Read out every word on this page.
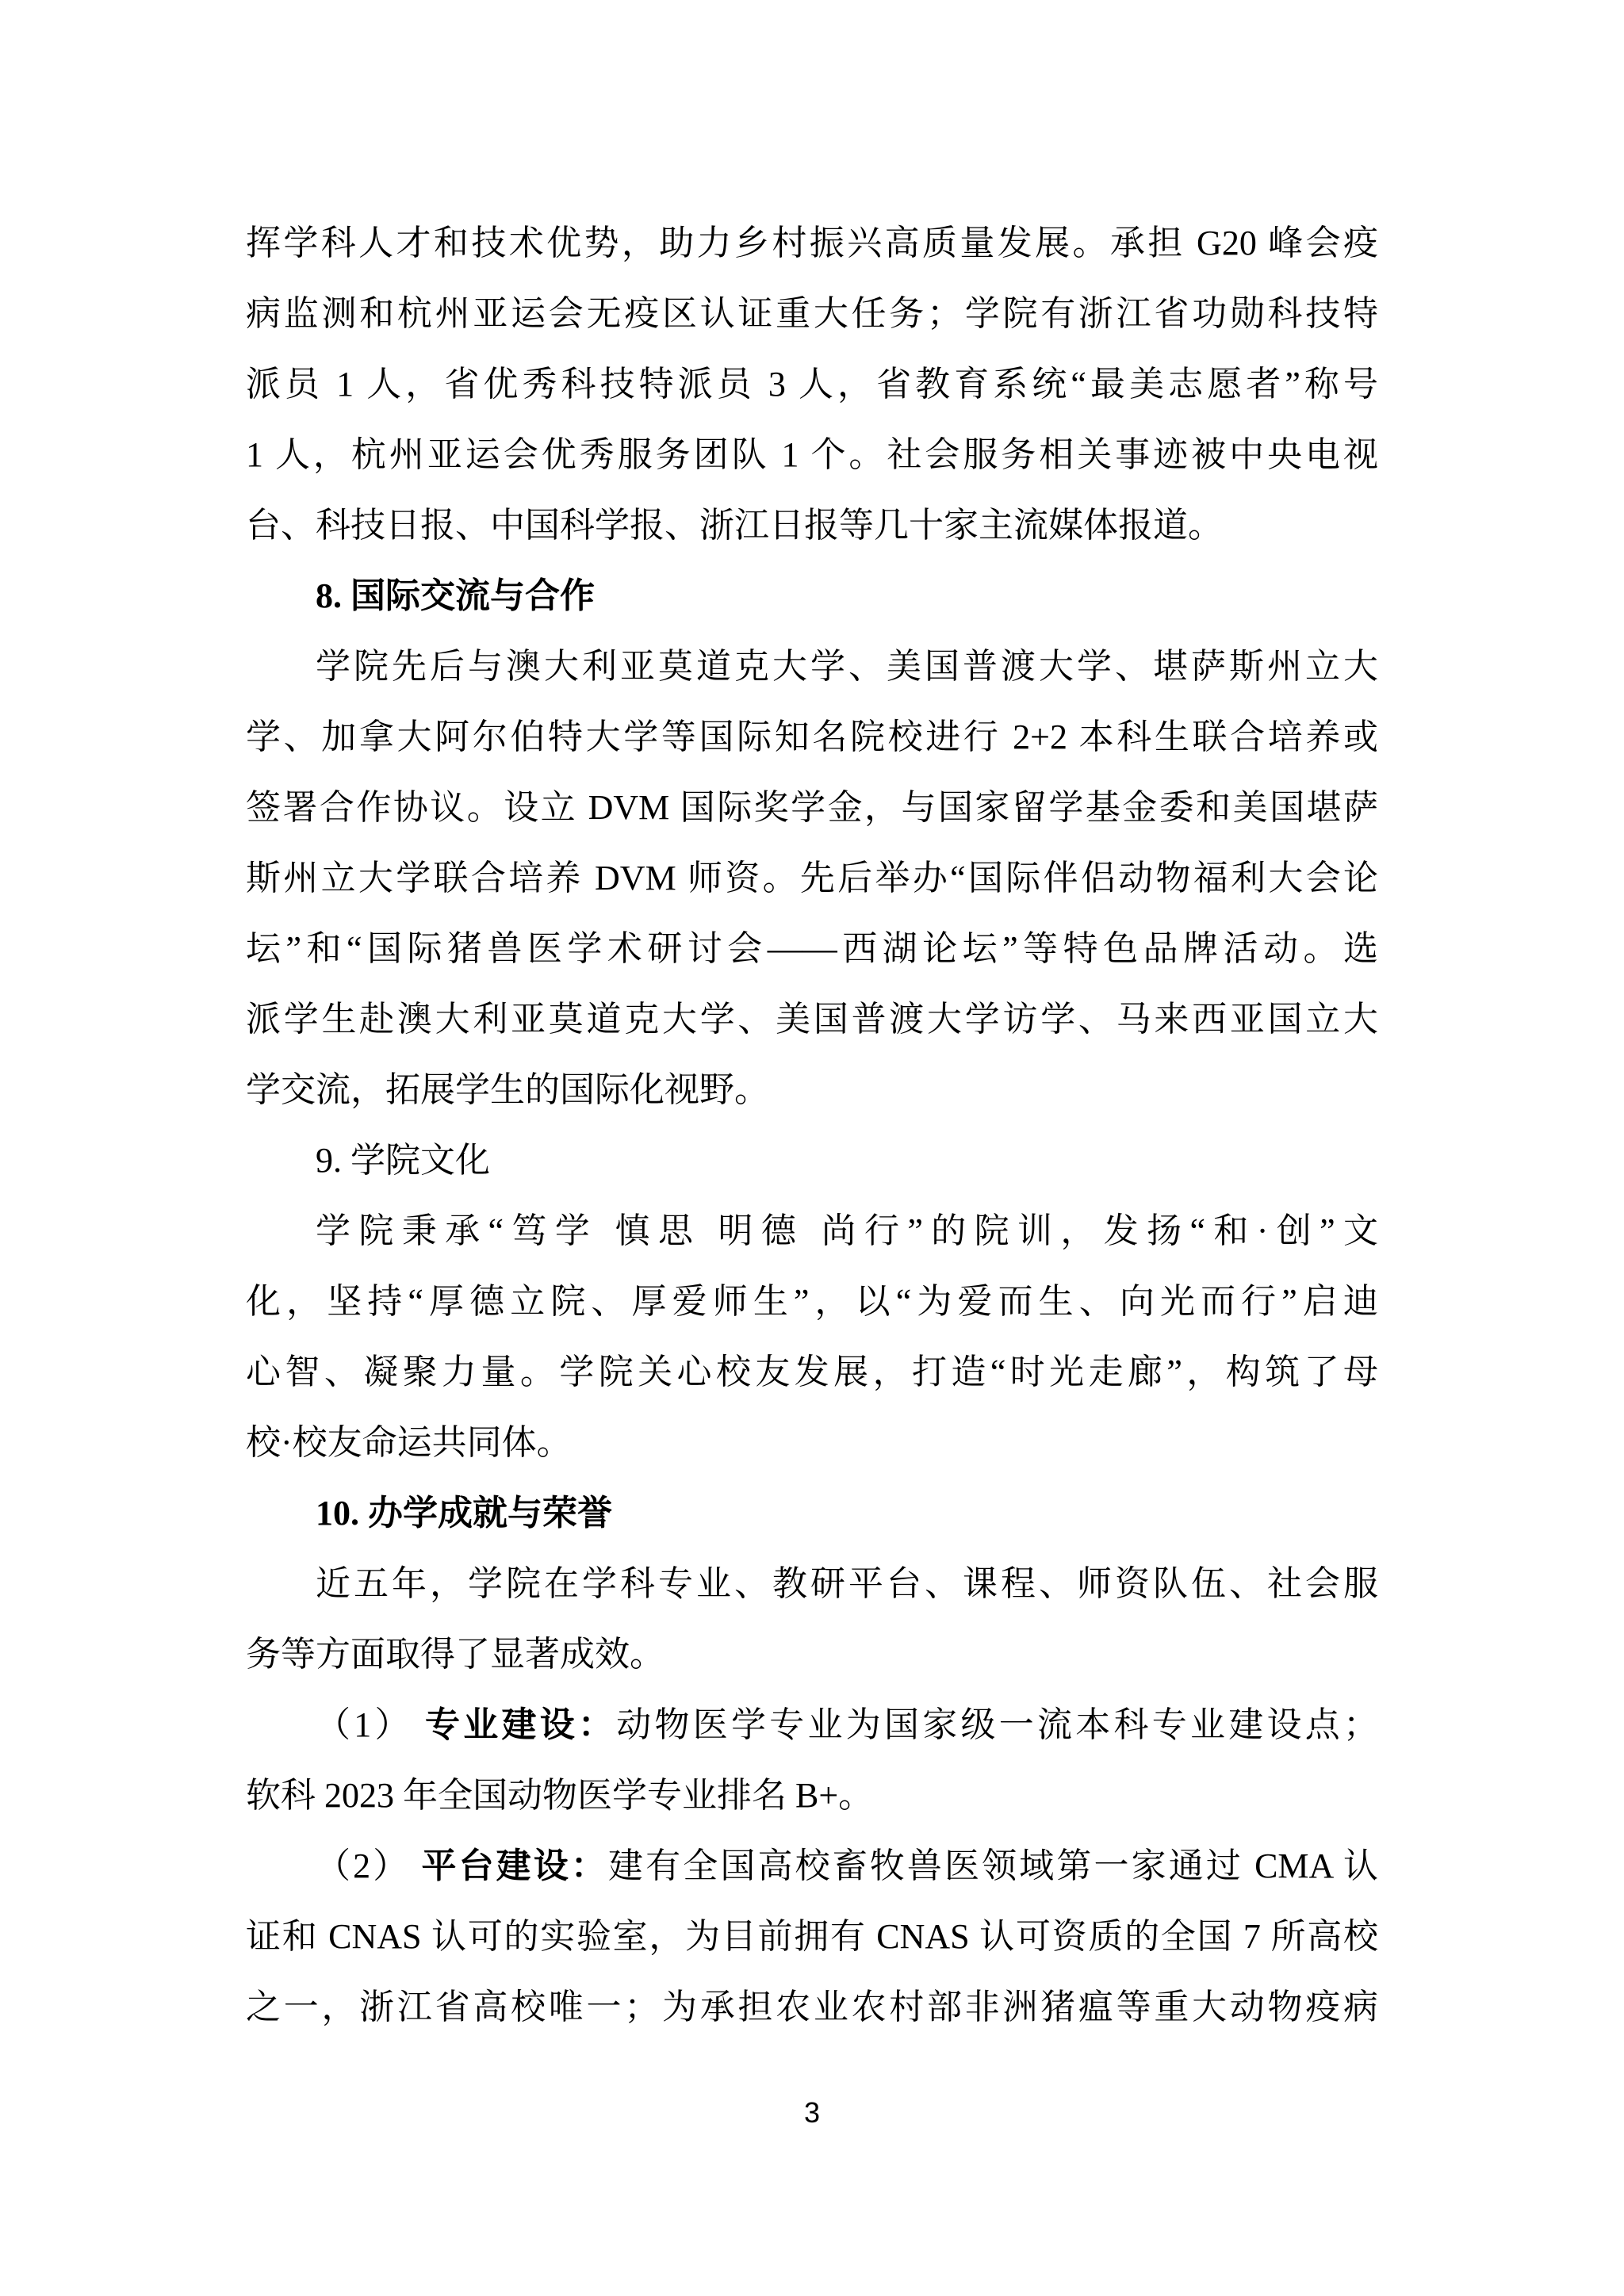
挥学科人才和技术优势，助力乡村振兴高质量发展。承担 G20 峰会疫
病监测和杭州亚运会无疫区认证重大任务；学院有浙江省功勋科技特
派员 1 人，省优秀科技特派员 3 人，省教育系统“最美志愿者”称号
1 人，杭州亚运会优秀服务团队 1 个。社会服务相关事迹被中央电视
台、科技日报、中国科学报、浙江日报等几十家主流媒体报道。
8. 国际交流与合作
学院先后与澳大利亚莫道克大学、美国普渡大学、堪萨斯州立大
学、加拿大阿尔伯特大学等国际知名院校进行 2+2 本科生联合培养或
签署合作协议。设立 DVM 国际奖学金，与国家留学基金委和美国堪萨
斯州立大学联合培养 DVM 师资。先后举办“国际伴侣动物福利大会论
坛”和“国际猪兽医学术研讨会——西湖论坛”等特色品牌活动。选
派学生赴澳大利亚莫道克大学、美国普渡大学访学、马来西亚国立大
学交流，拓展学生的国际化视野。
9. 学院文化
学院秉承“笃学 慎思 明德 尚行”的院训，发扬“和·创”文
化，坚持“厚德立院、厚爱师生”，以“为爱而生、向光而行”启迪
心智、凝聚力量。学院关心校友发展，打造“时光走廊”，构筑了母
校·校友命运共同体。
10. 办学成就与荣誉
近五年，学院在学科专业、教研平台、课程、师资队伍、社会服
务等方面取得了显著成效。
（1） 专业建设：动物医学专业为国家级一流本科专业建设点；
软科 2023 年全国动物医学专业排名 B+。
（2） 平台建设：建有全国高校畜牧兽医领域第一家通过 CMA 认
证和 CNAS 认可的实验室，为目前拥有 CNAS 认可资质的全国 7 所高校
之一，浙江省高校唯一；为承担农业农村部非洲猪瘟等重大动物疫病
3
